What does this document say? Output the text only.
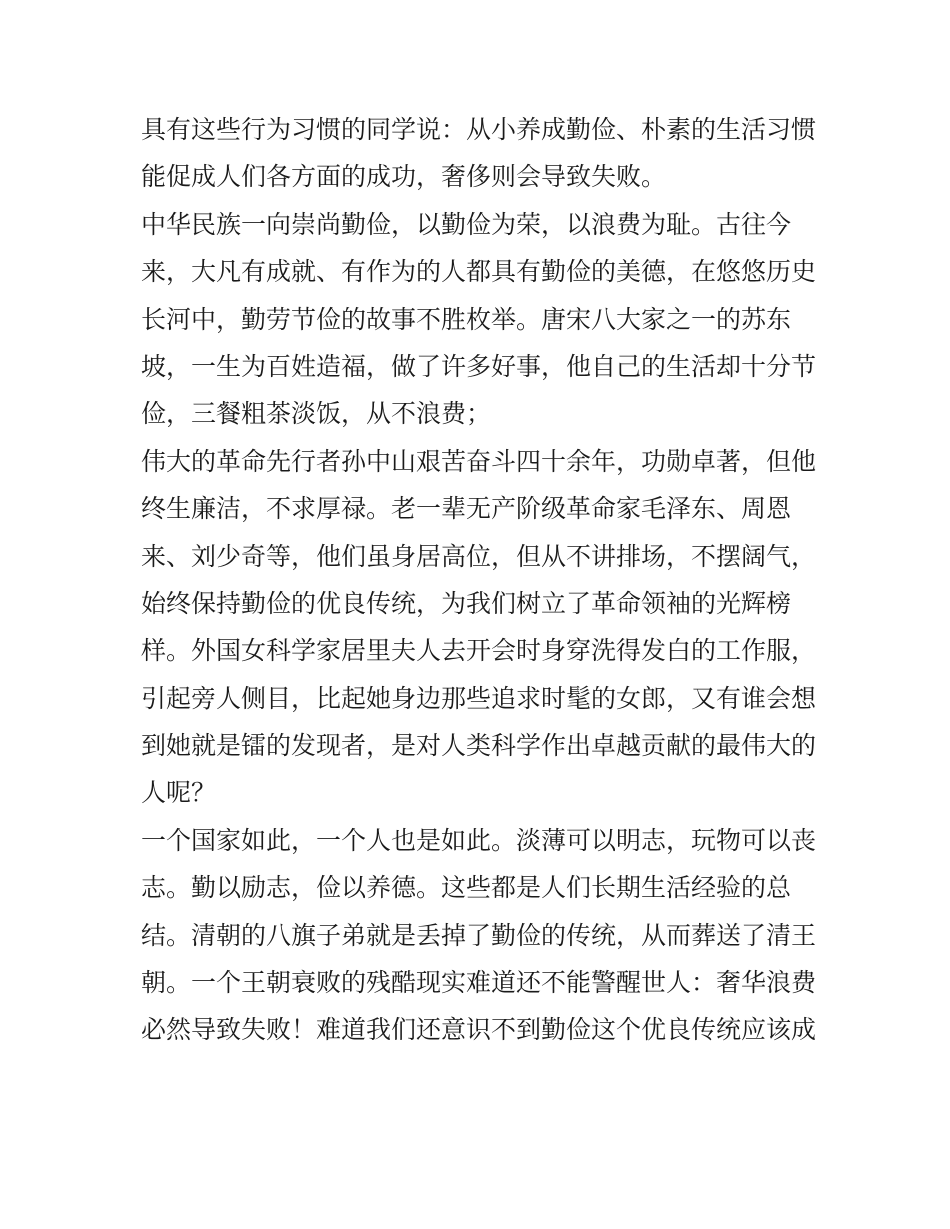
具有这些行为习惯的同学说：从小养成勤俭、朴素的生活习惯
能促成人们各方面的成功，奢侈则会导致失败。
中华民族一向崇尚勤俭，以勤俭为荣，以浪费为耻。古往今
来，大凡有成就、有作为的人都具有勤俭的美德，在悠悠历史
长河中，勤劳节俭的故事不胜枚举。唐宋八大家之一的苏东
坡，一生为百姓造福，做了许多好事，他自己的生活却十分节
俭，三餐粗茶淡饭，从不浪费；
伟大的革命先行者孙中山艰苦奋斗四十余年，功勋卓著，但他
终生廉洁，不求厚禄。老一辈无产阶级革命家毛泽东、周恩
来、刘少奇等，他们虽身居高位，但从不讲排场，不摆阔气，
始终保持勤俭的优良传统，为我们树立了革命领袖的光辉榜
样。外国女科学家居里夫人去开会时身穿洗得发白的工作服，
引起旁人侧目，比起她身边那些追求时髦的女郎，又有谁会想
到她就是镭的发现者，是对人类科学作出卓越贡献的最伟大的
人呢？
一个国家如此，一个人也是如此。淡薄可以明志，玩物可以丧
志。勤以励志，俭以养德。这些都是人们长期生活经验的总
结。清朝的八旗子弟就是丢掉了勤俭的传统，从而葬送了清王
朝。一个王朝衰败的残酷现实难道还不能警醒世人：奢华浪费
必然导致失败！难道我们还意识不到勤俭这个优良传统应该成
